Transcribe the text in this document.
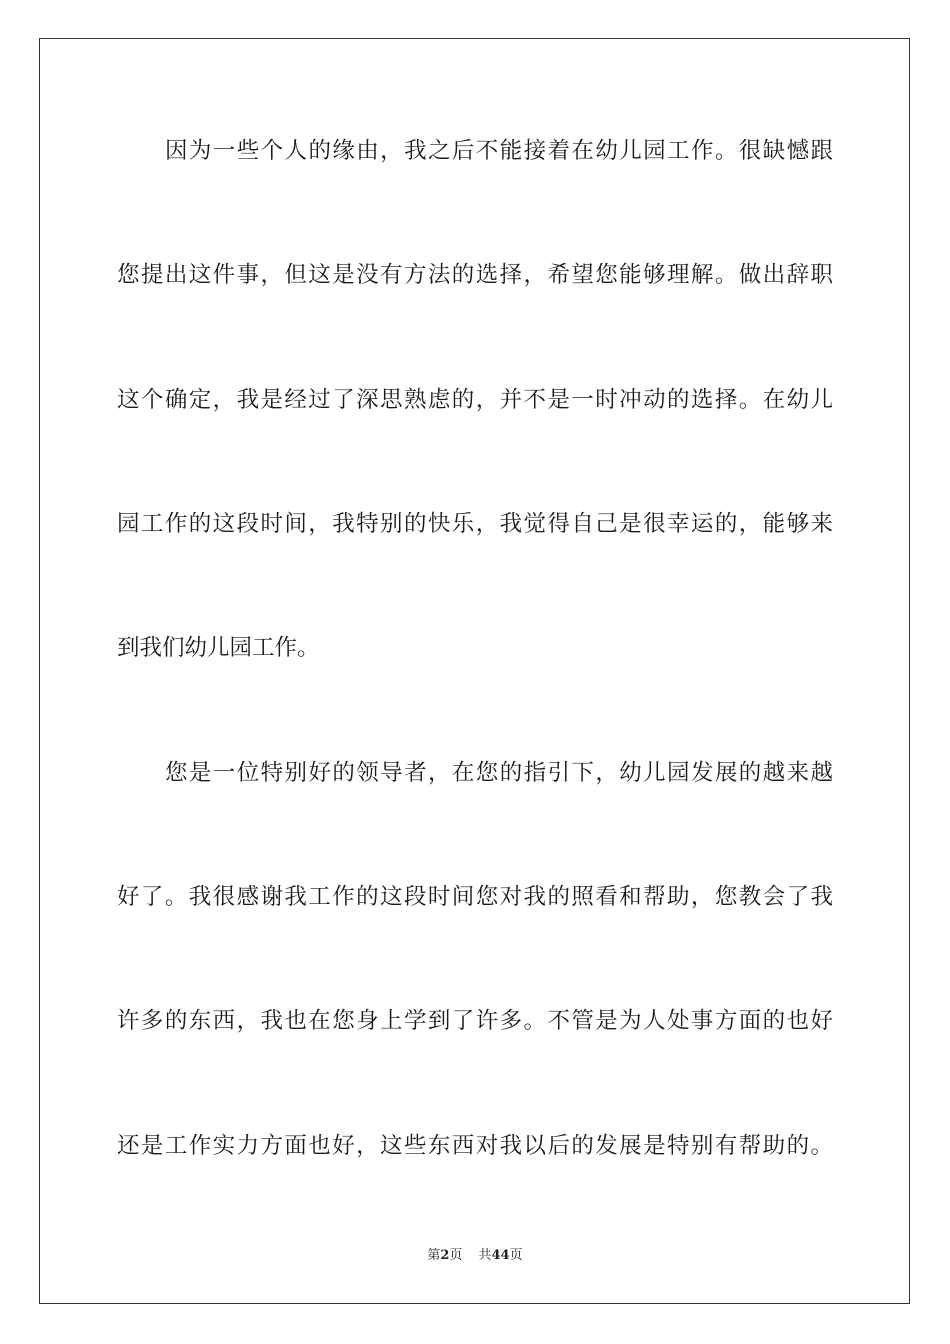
因为一些个人的缘由，我之后不能接着在幼儿园工作。很缺憾跟
您提出这件事，但这是没有方法的选择，希望您能够理解。做出辞职
这个确定，我是经过了深思熟虑的，并不是一时冲动的选择。在幼儿
园工作的这段时间，我特别的快乐，我觉得自己是很幸运的，能够来
到我们幼儿园工作。
您是一位特别好的领导者，在您的指引下，幼儿园发展的越来越
好了。我很感谢我工作的这段时间您对我的照看和帮助，您教会了我
许多的东西，我也在您身上学到了许多。不管是为人处事方面的也好
还是工作实力方面也好，这些东西对我以后的发展是特别有帮助的。
第2页 共44页
